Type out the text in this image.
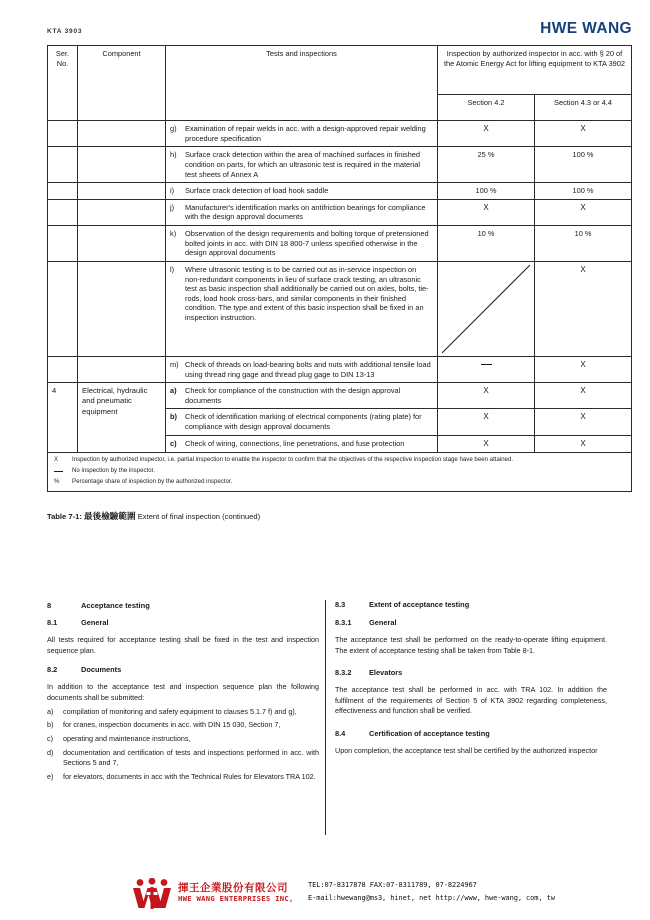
KTA 3903	HWE WANG
Ser.
No.	Component	Tests and inspections	Inspection by authorized inspector in acc. with § 20 of the Atomic Energy Act for lifting equipment to KTA 3902	
			Section 4.2	Section 4.3 or 4.4

		g) Examination of repair welds in acc. with a design-approved repair welding procedure specification	X	X

		h) Surface crack detection within the area of machined surfaces in finished condition on parts, for which an ultrasonic test is required in the material test sheets of Annex A	25 %	100 %

		i) Surface crack detection of load hook saddle	100 %	100 %

		j) Manufacturer's identification marks on antifriction bearings for compliance with the design approval documents	X	X

		k) Observation of the design requirements and bolting torque of pretensioned bolted joints in acc. with DIN 18 800-7 unless specified otherwise in the design approval documents	10 %	10 %

		l) Where ultrasonic testing is to be carried out as in-service inspection on non-redundant components in lieu of surface crack testing, an ultrasonic test as basic inspection shall additionally be carried out on axles, bolts, tie-rods, load hook cross-bars, and similar components in their finished condition. The type and extent of this basic inspection shall be fixed in an inspection instruction.		X

		m) Check of threads on load-bearing bolts and nuts with additional tensile load using thread ring gage and thread plug gage to DIN 13-13		X
4	Electrical, hydraulic and pneumatic equipment	a) Check for compliance of the construction with the design approval documents	X	X

		b) Check of identification marking of electrical components (rating plate) for compliance with design approval documents	X	X

		c) Check of wiring, connections, line penetrations, and fuse protection	X	X
X	Inspection by authorized inspector, i.e. partial inspection to enable the inspector to confirm that the objectives of the respective inspection stage have been attained.
No inspection by the inspector.
%	Percentage share of inspection by the authorized inspector.
Table 7-1: 最後檢驗範圍 Extent of final inspection (continued)
8	Acceptance testing
8.1	General

All tests required for acceptance testing shall be fixed in the test and inspection sequence plan.

8.2	Documents

In addition to the acceptance test and inspection sequence plan the following documents shall be submitted:

a)	compilation of monitoring and safety equipment to clauses 5.1.7 f) and g),
b)	for cranes, inspection documents in acc. with DIN 15 030, Section 7,
c)	operating and maintenance instructions,
d)	documentation and certification of tests and inspections performed in acc. with Sections 5 and 7,
e)	for elevators, documents in acc with the Technical Rules for Elevators TRA 102.
8.3	Extent of acceptance testing
8.3.1 General

The acceptance test shall be performed on the ready-to-operate lifting equipment. The extent of acceptance testing shall be taken from Table 8-1.

8.3.2 Elevators

The acceptance test shall be performed in acc. with TRA 102. In addition the fulfilment of the requirements of Section 5 of KTA 3902 regarding completeness, effectiveness and function shall be verified.

8.4	Certification of acceptance testing

Upon completion, the acceptance test shall be certified by the authorized inspector

揮王企業股份有限公司
HWE WANG ENTERPRISES INC,
TEL:07-8317878 FAX:07-8311789, 07-8224967
E-mail:hwewang@ms3, hinet, net http://www, hwe-wang, com, tw
